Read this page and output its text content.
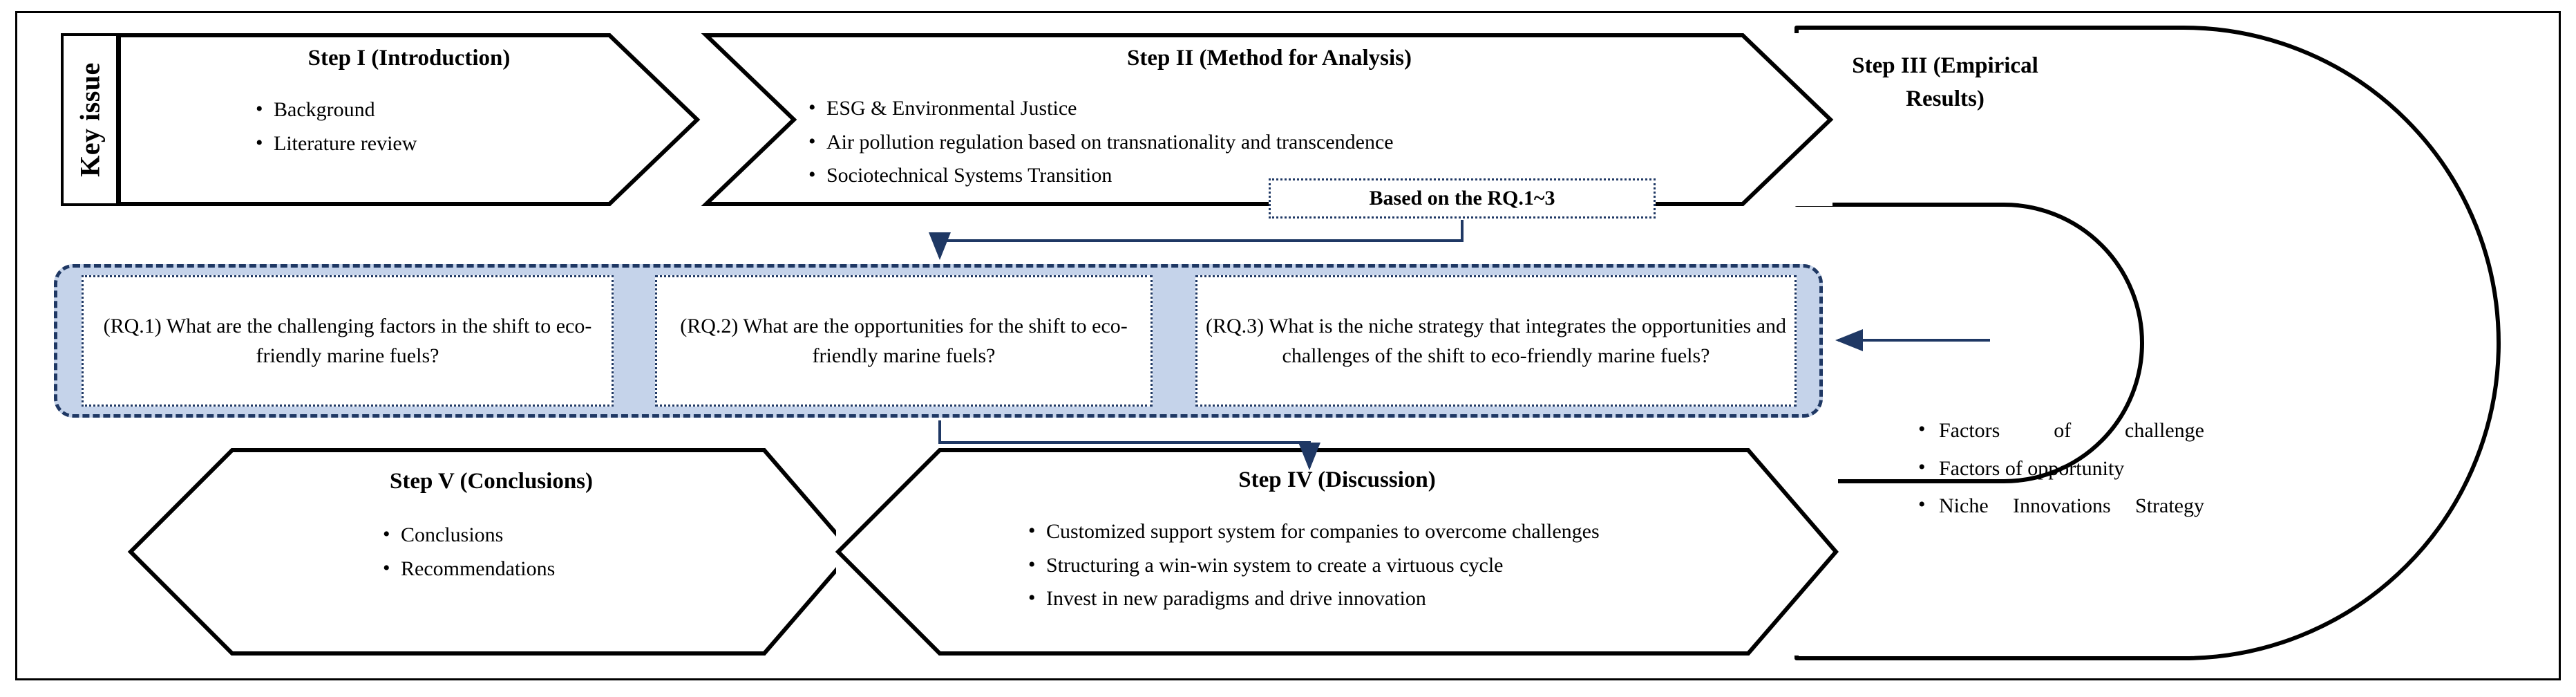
Key issue
Step I (Introduction)
• Background
• Literature review
Step II (Method for Analysis)
• ESG & Environmental Justice
• Air pollution regulation based on transnationality and transcendence
• Sociotechnical Systems Transition
Step III (Empirical Results)
• Factors of challenge
• Factors of opportunity
• Niche Innovations Strategy
Based on the RQ.1~3

(RQ.1) What are the challenging factors in the shift to eco-friendly marine fuels?

(RQ.2) What are the opportunities for the shift to eco-friendly marine fuels?

(RQ.3) What is the niche strategy that integrates the opportunities and challenges of the shift to eco-friendly marine fuels?

Step V (Conclusions)
• Conclusions
• Recommendations
Step IV (Discussion)
• Customized support system for companies to overcome challenges
• Structuring a win-win system to create a virtuous cycle
• Invest in new paradigms and drive innovation
